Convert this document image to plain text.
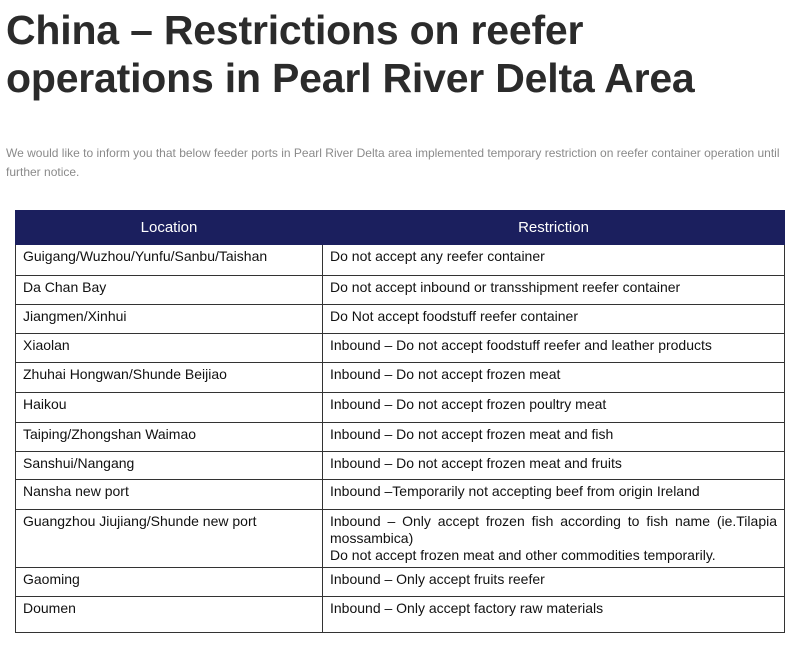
China – Restrictions on reefer operations in Pearl River Delta Area
We would like to inform you that below feeder ports in Pearl River Delta area implemented temporary restriction on reefer container operation until further notice.
Location	Restriction
Guigang/Wuzhou/Yunfu/Sanbu/Taishan	Do not accept any reefer container
Da Chan Bay	Do not accept inbound or transshipment reefer container
Jiangmen/Xinhui	Do Not accept foodstuff reefer container
Xiaolan	Inbound – Do not accept foodstuff reefer and leather products
Zhuhai Hongwan/Shunde Beijiao	Inbound – Do not accept frozen meat
Haikou	Inbound – Do not accept frozen poultry meat
Taiping/Zhongshan Waimao	Inbound – Do not accept frozen meat and fish
Sanshui/Nangang	Inbound – Do not accept frozen meat and fruits
Nansha new port	Inbound –Temporarily not accepting beef from origin Ireland
Guangzhou Jiujiang/Shunde new port	Inbound – Only accept frozen fish according to fish name (ie.Tilapia mossambica)
Do not accept frozen meat and other commodities temporarily.

Gaoming	Inbound – Only accept fruits reefer
Doumen	Inbound – Only accept factory raw materials
